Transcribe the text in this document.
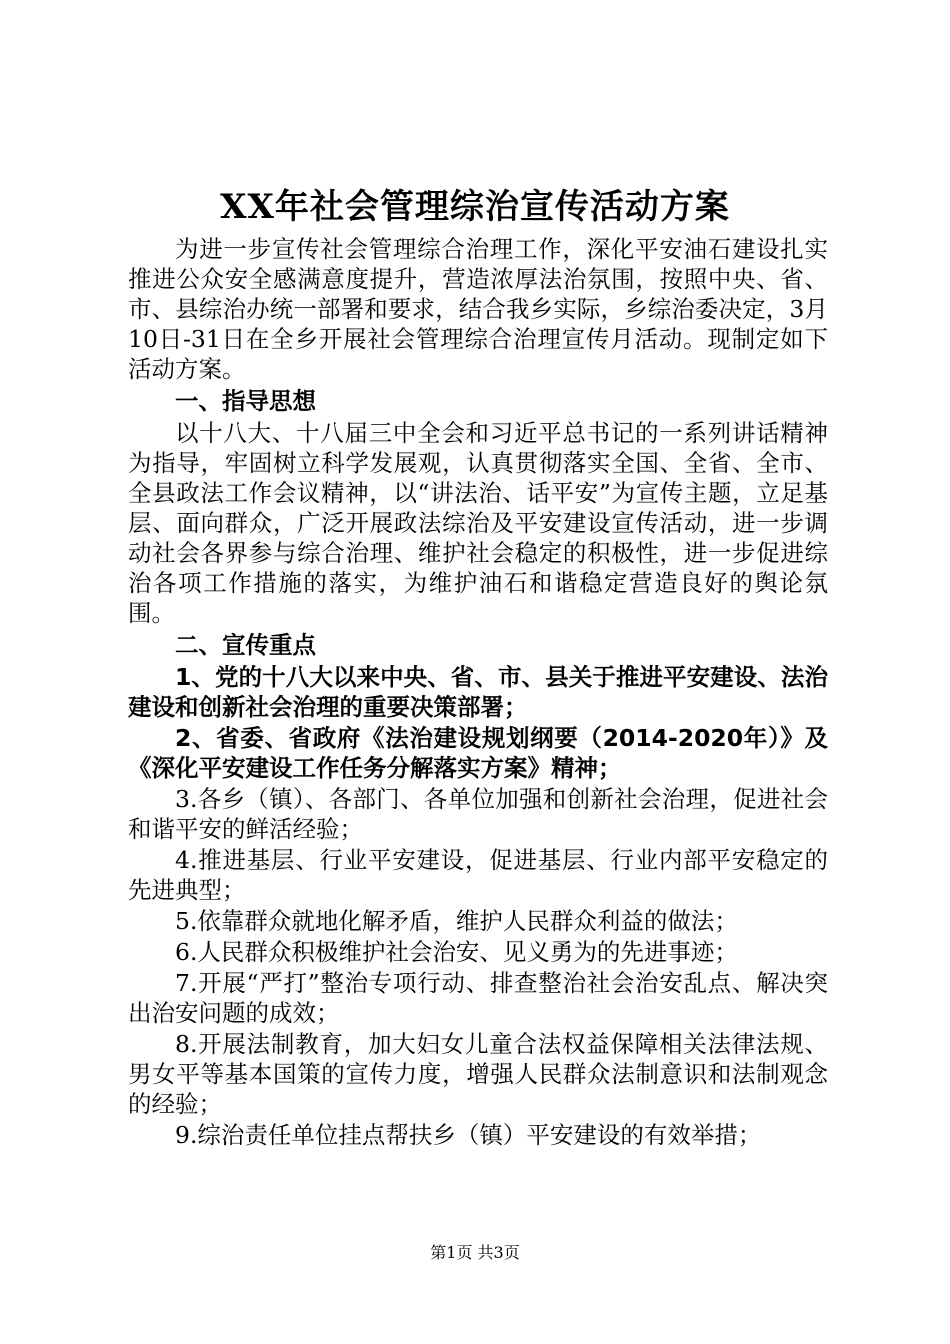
XX年社会管理综治宣传活动方案

为进一步宣传社会管理综合治理工作，深化平安油石建设扎实推进公众安全感满意度提升，营造浓厚法治氛围，按照中央、省、市、县综治办统一部署和要求，结合我乡实际，乡综治委决定，3月10日-31日在全乡开展社会管理综合治理宣传月活动。现制定如下活动方案。

一、指导思想

以十八大、十八届三中全会和习近平总书记的一系列讲话精神为指导，牢固树立科学发展观，认真贯彻落实全国、全省、全市、全县政法工作会议精神，以“讲法治、话平安”为宣传主题，立足基层、面向群众，广泛开展政法综治及平安建设宣传活动，进一步调动社会各界参与综合治理、维护社会稳定的积极性，进一步促进综治各项工作措施的落实，为维护油石和谐稳定营造良好的舆论氛围。

二、宣传重点

1、党的十八大以来中央、省、市、县关于推进平安建设、法治建设和创新社会治理的重要决策部署；

2、省委、省政府《法治建设规划纲要（2014-2020年）》及《深化平安建设工作任务分解落实方案》精神；

3.各乡（镇）、各部门、各单位加强和创新社会治理，促进社会和谐平安的鲜活经验；

4.推进基层、行业平安建设，促进基层、行业内部平安稳定的先进典型；

5.依靠群众就地化解矛盾，维护人民群众利益的做法；

6.人民群众积极维护社会治安、见义勇为的先进事迹；

7.开展“严打”整治专项行动、排查整治社会治安乱点、解决突出治安问题的成效；

8.开展法制教育，加大妇女儿童合法权益保障相关法律法规、男女平等基本国策的宣传力度，增强人民群众法制意识和法制观念的经验；

9.综治责任单位挂点帮扶乡（镇）平安建设的有效举措；

第1页 共3页
